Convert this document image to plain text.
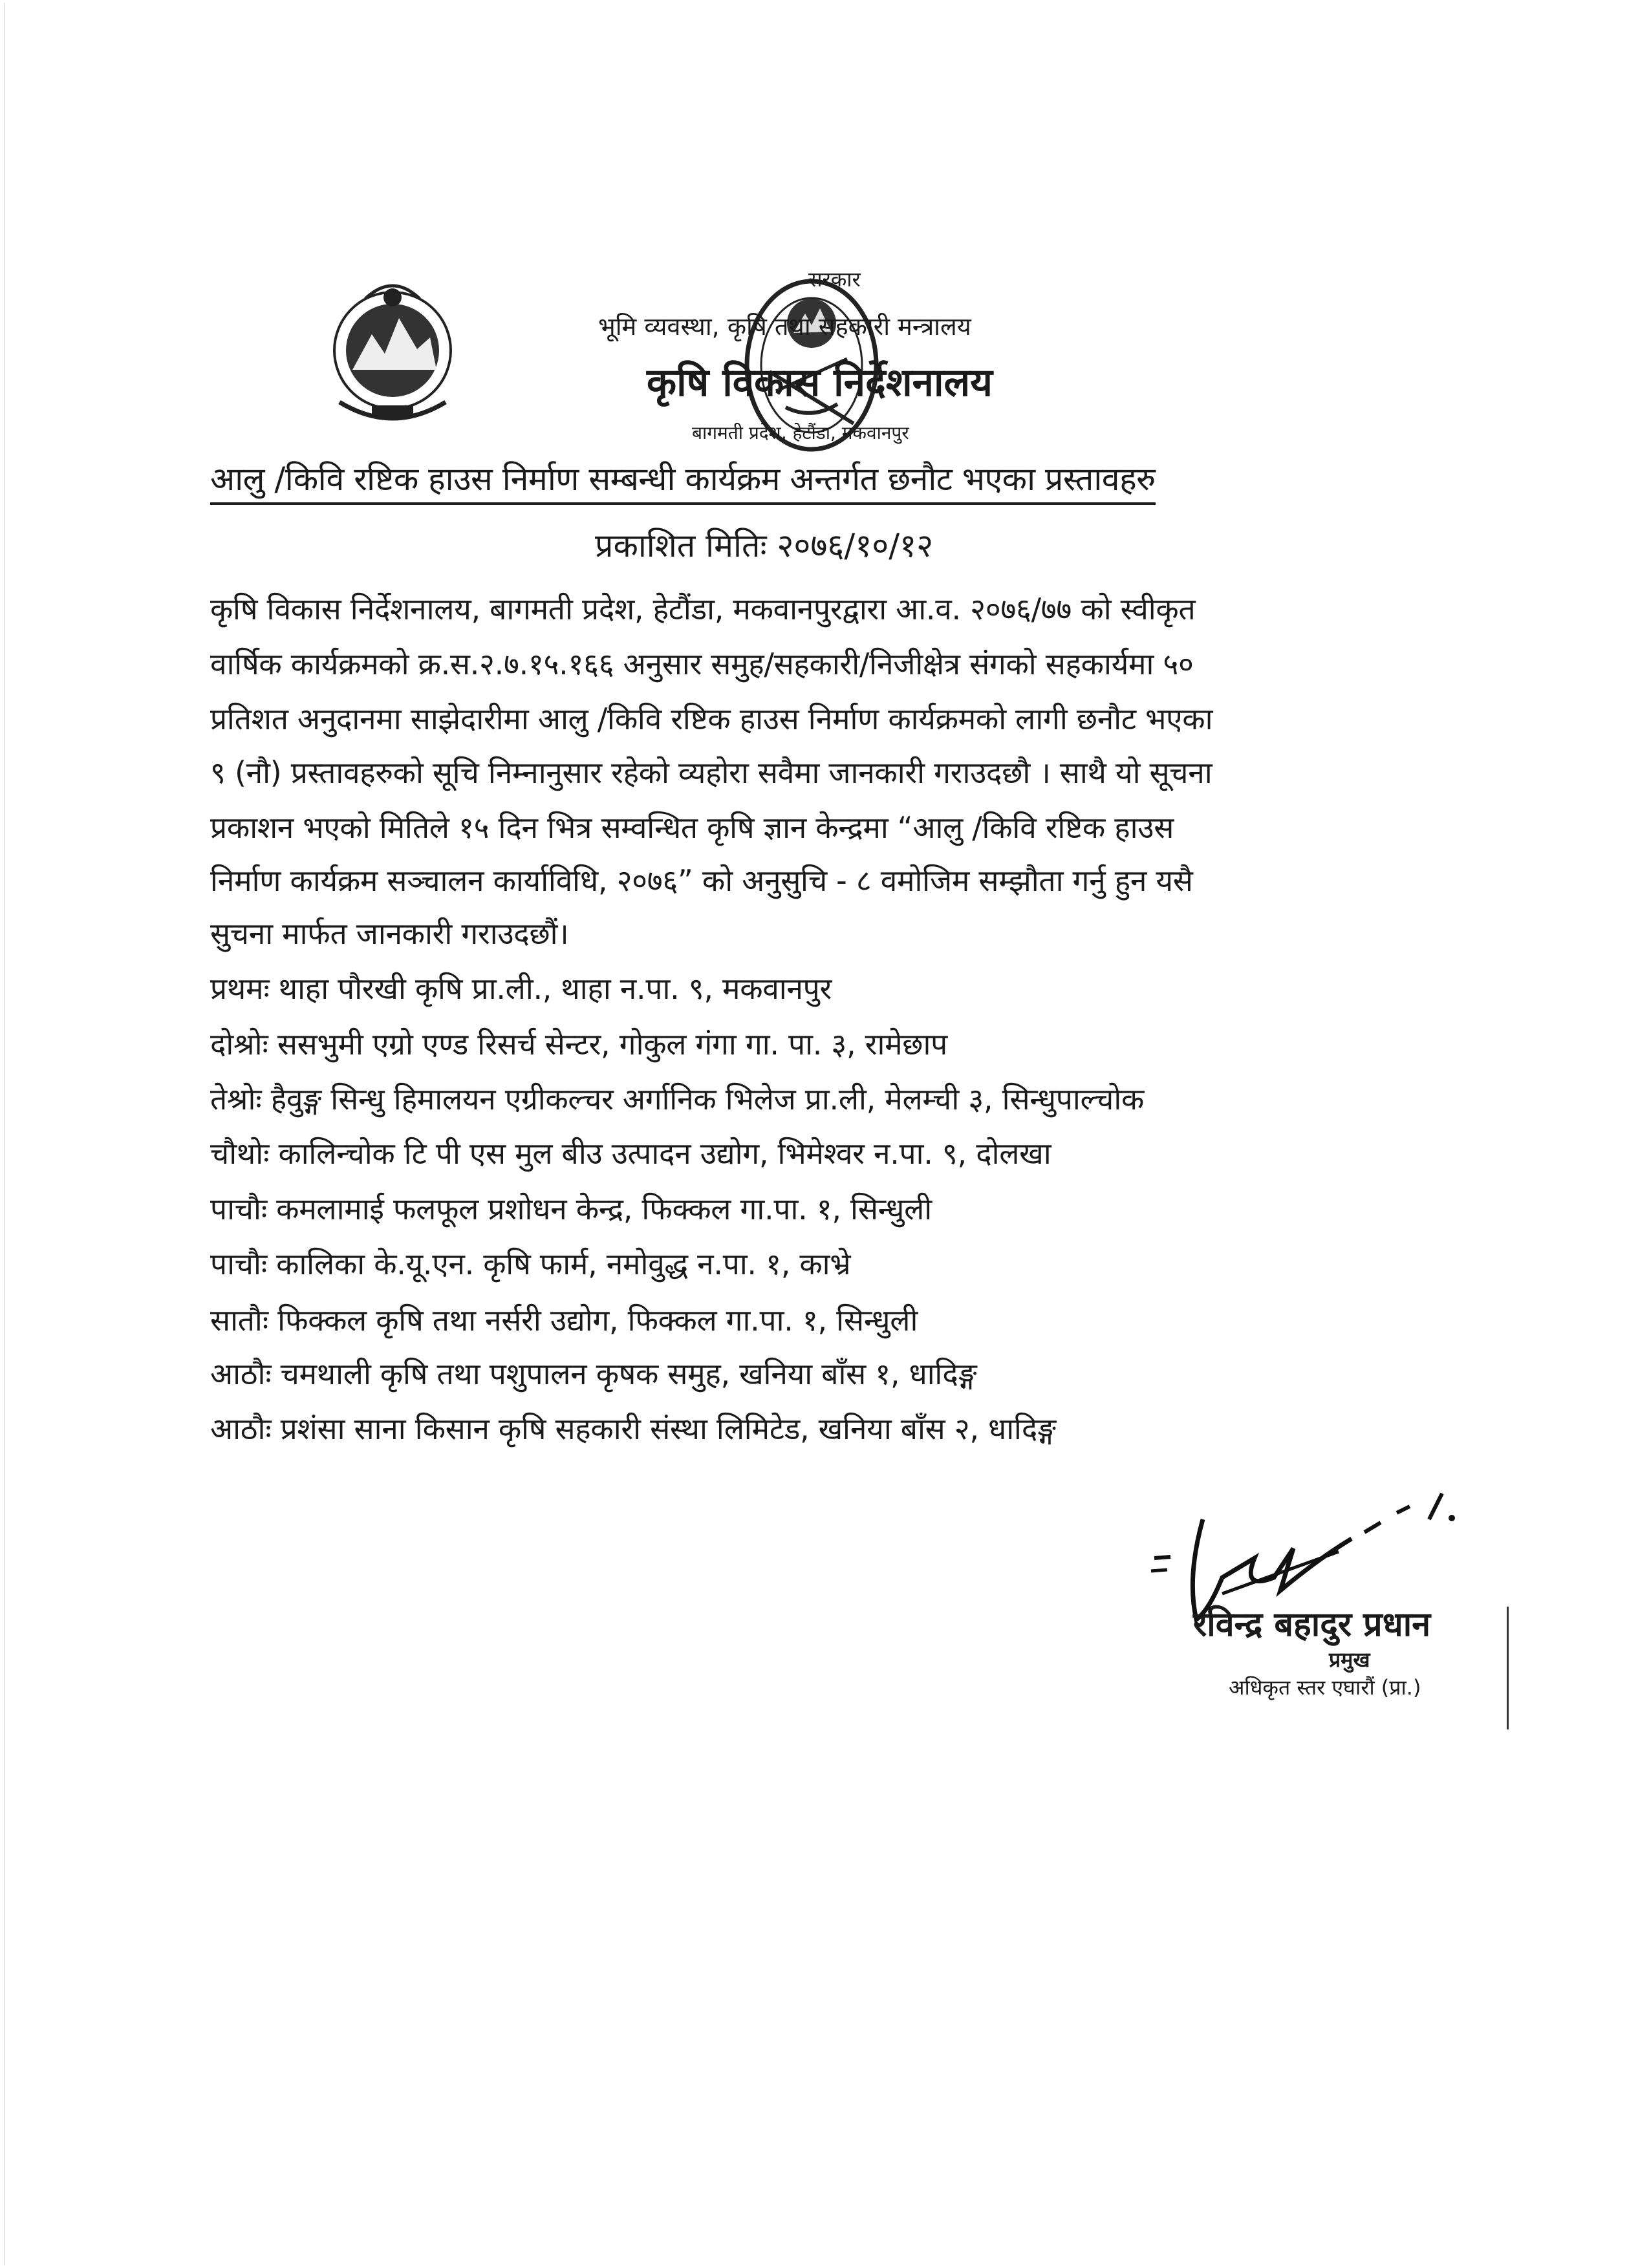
सरकार
भूमि व्यवस्था, कृषि तथा सहकारी मन्त्रालय
कृषि विकास निर्देशनालय
बागमती प्रदेश, हेटौंडा, मकवानपुर
आलु /किवि रष्टिक हाउस निर्माण सम्बन्धी कार्यक्रम अन्तर्गत छनौट भएका प्रस्तावहरु
प्रकाशित मितिः २०७६/१०/१२
कृषि विकास निर्देशनालय, बागमती प्रदेश, हेटौंडा, मकवानपुरद्वारा आ.व. २०७६/७७ को स्वीकृत
वार्षिक कार्यक्रमको क्र.स.२.७.१५.१६६ अनुसार समुह/सहकारी/निजीक्षेत्र संगको सहकार्यमा ५०
प्रतिशत अनुदानमा साझेदारीमा आलु /किवि रष्टिक हाउस निर्माण कार्यक्रमको लागी छनौट भएका
९ (नौ) प्रस्तावहरुको सूचि निम्नानुसार रहेको व्यहोरा सवैमा जानकारी गराउदछौ । साथै यो सूचना
प्रकाशन भएको मितिले १५ दिन भित्र सम्वन्धित कृषि ज्ञान केन्द्रमा “आलु /किवि रष्टिक हाउस
निर्माण कार्यक्रम सञ्चालन कार्याविधि, २०७६” को अनुसुचि - ८ वमोजिम सम्झौता गर्नु हुन यसै
सुचना मार्फत जानकारी गराउदछौं।
प्रथमः थाहा पौरखी कृषि प्रा.ली., थाहा न.पा. ९, मकवानपुर
दोश्रोः ससभुमी एग्रो एण्ड रिसर्च सेन्टर, गोकुल गंगा गा. पा. ३, रामेछाप
तेश्रोः हैवुङ्ग सिन्धु हिमालयन एग्रीकल्चर अर्गानिक भिलेज प्रा.ली, मेलम्ची ३, सिन्धुपाल्चोक
चौथोः कालिन्चोक टि पी एस मुल बीउ उत्पादन उद्योग, भिमेश्वर न.पा. ९, दोलखा
पाचौः कमलामाई फलफूल प्रशोधन केन्द्र, फिक्कल गा.पा. १, सिन्धुली
पाचौः कालिका के.यू.एन. कृषि फार्म, नमोवुद्ध न.पा. १, काभ्रे
सातौः फिक्कल कृषि तथा नर्सरी उद्योग, फिक्कल गा.पा. १, सिन्धुली
आठौः चमथाली कृषि तथा पशुपालन कृषक समुह, खनिया बाँस १, धादिङ्ग
आठौः प्रशंसा साना किसान कृषि सहकारी संस्था लिमिटेड, खनिया बाँस २, धादिङ्ग
रविन्द्र बहादुर प्रधान
प्रमुख
अधिकृत स्तर एघारौं (प्रा.)
